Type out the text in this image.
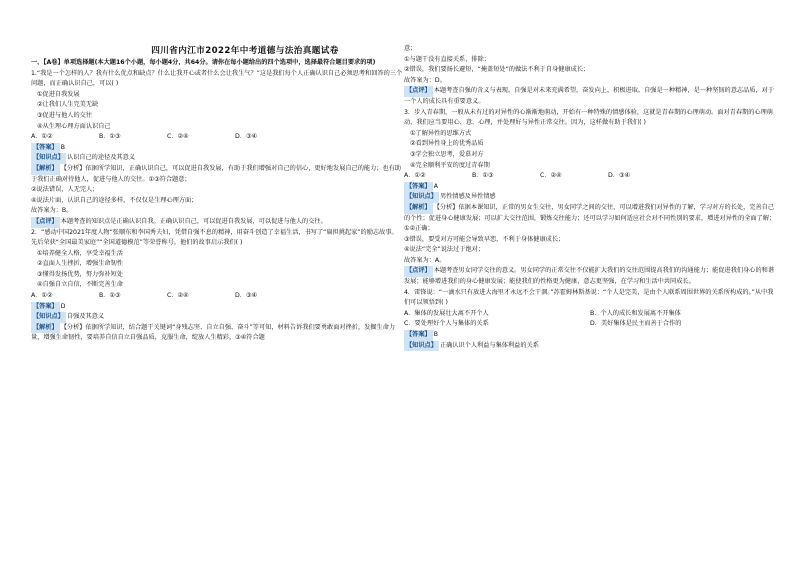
四川省内江市2022年中考道德与法治真题试卷

一、【A卷】单项选择题(本大题16个小题，每小题4分，共64分。请你在每小题给出的四个选项中，选择最符合题目要求的项)

1.“我是一个怎样的人？我有什么优点和缺点？什么让我开心或者什么会让我生气？”这是我们每个人正确认识自己必须思考和回答的三个问题，而正确认识自己，可以( )

①促进自我发展

②让我们人生完美无缺

③促进与他人的交往

④从生理心理方面认识自己

A．①②	B．①③	C．②④	D．③④

【答案】 B

【知识点】 认识自己的途径及其意义

【解析】 【分析】依据所学知识，正确认识自己，可以促进自我发展，有助于我们增强对自己的信心，更好地发展自己的能力；也有助于我们正确对待他人，促进与他人的交往。①③符合题意；

②说法错误，人无完人；

④说法片面，认识自己的途径多样，不仅仅是生理心理方面；

故答案为：B。

【点评】 本题考查的知识点是正确认识自我。正确认识自己，可以促进自我发展，可以促进与他人的交往。

2．“感动中国2021年度人物”张顺东和李国秀夫妇，凭借自强不息的精神，用奋斗创造了幸福生活，书写了“扁担挑起家”的励志故事。先后荣获“全国最美家庭”“全国道德模范”等荣誉称号。他们的故事启示我们( )

①培养健全人格，享受幸福生活

②直面人生挫折，增强生命韧性

③懂得发扬优势，努力弥补短处

④自强自立自信，不断完善生命

A．①②	B．①③	C．②④	D．③④

【答案】 D

【知识点】 自强及其意义

【解析】 【分析】依据所学知识，结合题干关键词“身残志坚、自立自强、奋斗”等可知，材料告诉我们要勇敢面对挫折，发掘生命力量，增强生命韧性，要培养自信自立自强品质，克服生命，绽放人生精彩，③④符合题

意；

①与题干没有直接关系，排除；

②错误，我们要扬长避短，“掩盖短处”的做法不利于自身健康成长；

故答案为：D。

【点评】 本题考查自强的含义与表现。自强是对未来充满希望，奋发向上，积极进取。自强是一种精神，是一种坚韧的意志品质，对于一个人的成长具有重要意义。

3．步入青春期，一般从未有过的对异性的心渐渐地萌动，开始有一种特殊的情感体验，这就是青春期的心理萌动。面对青春期的心理萌动，我们应当要用心、意、心理，并处理好与异性正常交往。因为，这样做有助于我们( )

①了解异性的思维方式

②看到异性身上的优秀品质

③学会独立思考，爱慕对方

④完全顺利平安的度过青春期

A．①②	B．①③	C．②④	D．③④

【答案】 A

【知识点】 男性情感及异性情感

【解析】 【分析】依据本课知识，正常的男女生交往，男女同学之间的交往，可以增进我们对异性的了解，学习对方的长处，完善自己的个性；促进身心健康发展；可以扩大交往范围，锻炼交往能力；还可以学习如何适应社会对不同性别的要求，增进对异性的全面了解；①②正确；

③错误，要受对方可能会导致早恋，不利于身体健康成长；

④说法“完全”说法过于绝对；

故答案为：A。

【点评】 本题考查男女同学交往的意义。男女同学的正常交往不仅能扩大我们的交往范围提高我们的沟通能力；能促进我们身心的和谐发展；能够增进我们的身心健康发展；能使我们的性格更为健康，意志更坚强，在学习和生活中共同成长。

4．雷锋说：“一滴水只有放进大海里才永远不会干涸。”苏霍姆林斯基说：“个人是完美，是由个人联系周围世界的关系所构成的。”从中我们可以领悟到( )

A．集体的发展壮大离不开个人	B．个人的成长和发展离不开集体
C．要处理好个人与集体的关系	D．美好集体是民主而善于合作的

【答案】 B

【知识点】 正确认识个人利益与集体利益的关系
